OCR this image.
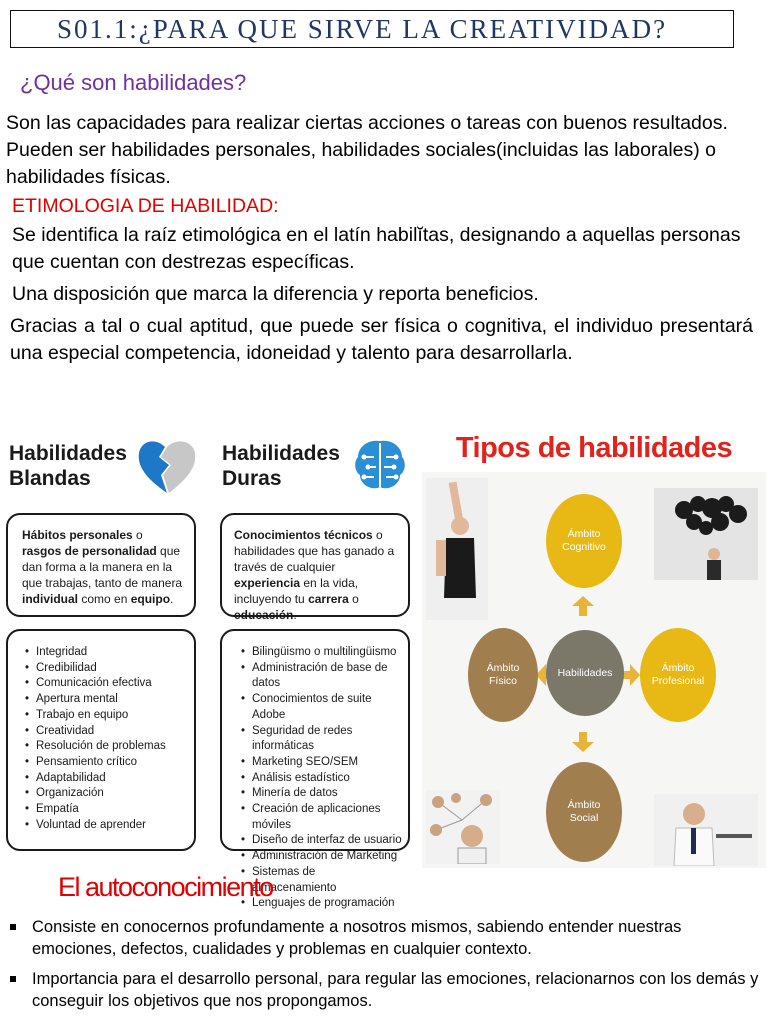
S01.1:¿PARA QUE SIRVE LA CREATIVIDAD?
¿Qué son habilidades?
Son las capacidades para realizar ciertas acciones o tareas con buenos resultados. Pueden ser habilidades personales, habilidades sociales(incluidas las laborales) o habilidades físicas.
ETIMOLOGIA DE HABILIDAD:
Se identifica la raíz etimológica en el latín habilĭtas, designando a aquellas personas que cuentan con destrezas específicas.
Una disposición que marca la diferencia y reporta beneficios.
Gracias a tal o cual aptitud, que puede ser física o cognitiva, el individuo presentará una especial competencia, idoneidad y talento para desarrollarla.
Habilidades
Blandas
Habilidades
Duras
Hábitos personales o rasgos de personalidad que dan forma a la manera en la que trabajas, tanto de manera individual como en equipo.
Conocimientos técnicos o habilidades que has ganado a través de cualquier experiencia en la vida, incluyendo tu carrera o educación.
• Integridad
• Credibilidad
• Comunicación efectiva
• Apertura mental
• Trabajo en equipo
• Creatividad
• Resolución de problemas
• Pensamiento crítico
• Adaptabilidad
• Organización
• Empatía
• Voluntad de aprender
• Bilingüismo o multilingüismo
• Administración de base de datos
• Conocimientos de suite Adobe
• Seguridad de redes informáticas
• Marketing SEO/SEM
• Análisis estadístico
• Minería de datos
• Creación de aplicaciones móviles
• Diseño de interfaz de usuario
• Administración de Marketing
• Sistemas de almacenamiento
• Lenguajes de programación
Tipos de habilidades
Ámbito
Cognitivo
Habilidades
Ámbito
Físico
Ámbito
Profesional
Ámbito
Social
El autoconocimiento
Consiste en conocernos profundamente a nosotros mismos, sabiendo entender nuestras emociones, defectos, cualidades y problemas en cualquier contexto.
Importancia para el desarrollo personal, para regular las emociones, relacionarnos con los demás y conseguir los objetivos que nos propongamos.
